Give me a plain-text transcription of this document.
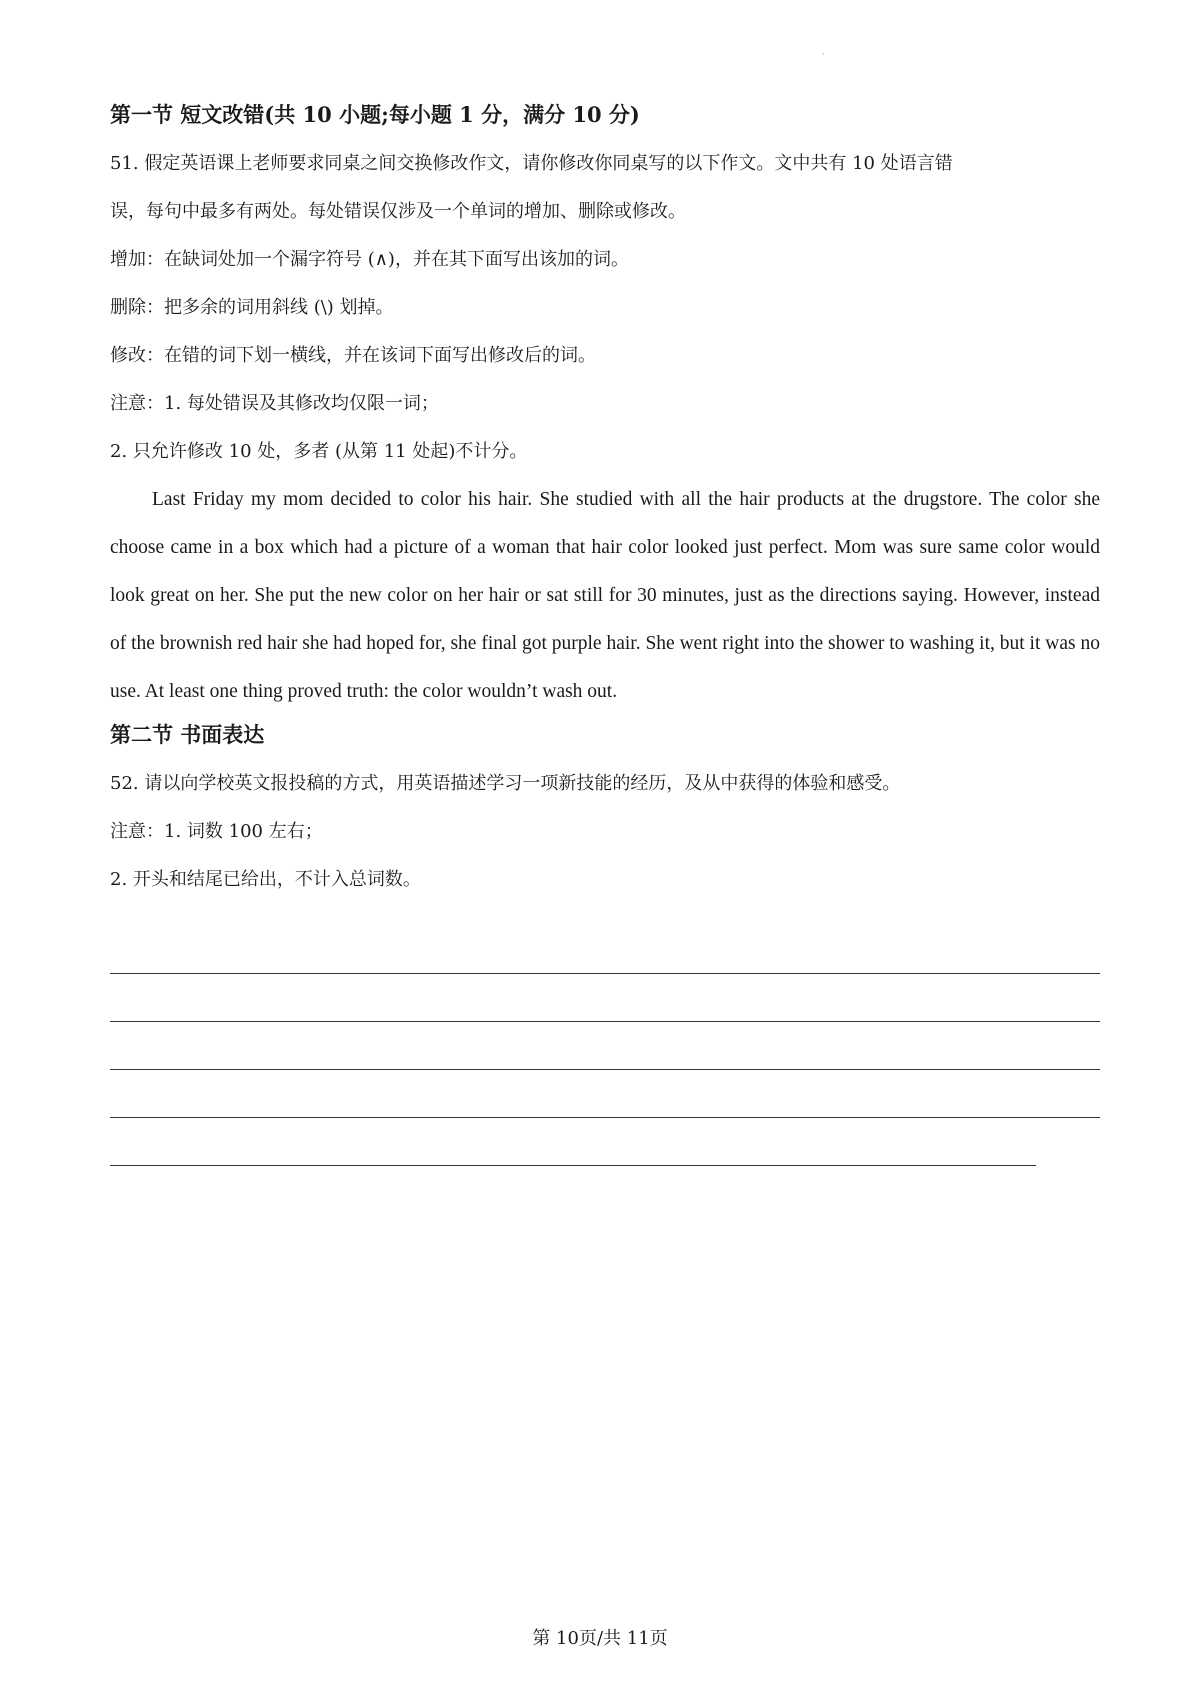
·
第一节 短文改错(共 10 小题;每小题 1 分，满分 10 分)

51. 假定英语课上老师要求同桌之间交换修改作文，请你修改你同桌写的以下作文。文中共有 10 处语言错

误，每句中最多有两处。每处错误仅涉及一个单词的增加、删除或修改。

增加：在缺词处加一个漏字符号 (∧)，并在其下面写出该加的词。

删除：把多余的词用斜线 (\) 划掉。

修改：在错的词下划一横线，并在该词下面写出修改后的词。

注意：1. 每处错误及其修改均仅限一词；

2. 只允许修改 10 处，多者 (从第 11 处起)不计分。

Last Friday my mom decided to color his hair. She studied with all the hair products at the drugstore. The color she choose came in a box which had a picture of a woman that hair color looked just perfect. Mom was sure same color would look great on her. She put the new color on her hair or sat still for 30 minutes, just as the directions saying. However, instead of the brownish red hair she had hoped for, she final got purple hair. She went right into the shower to washing it, but it was no use. At least one thing proved truth: the color wouldn’t wash out.

第二节 书面表达

52. 请以向学校英文报投稿的方式，用英语描述学习一项新技能的经历，及从中获得的体验和感受。

注意：1. 词数 100 左右；

2. 开头和结尾已给出，不计入总词数。

第 10页/共 11页
